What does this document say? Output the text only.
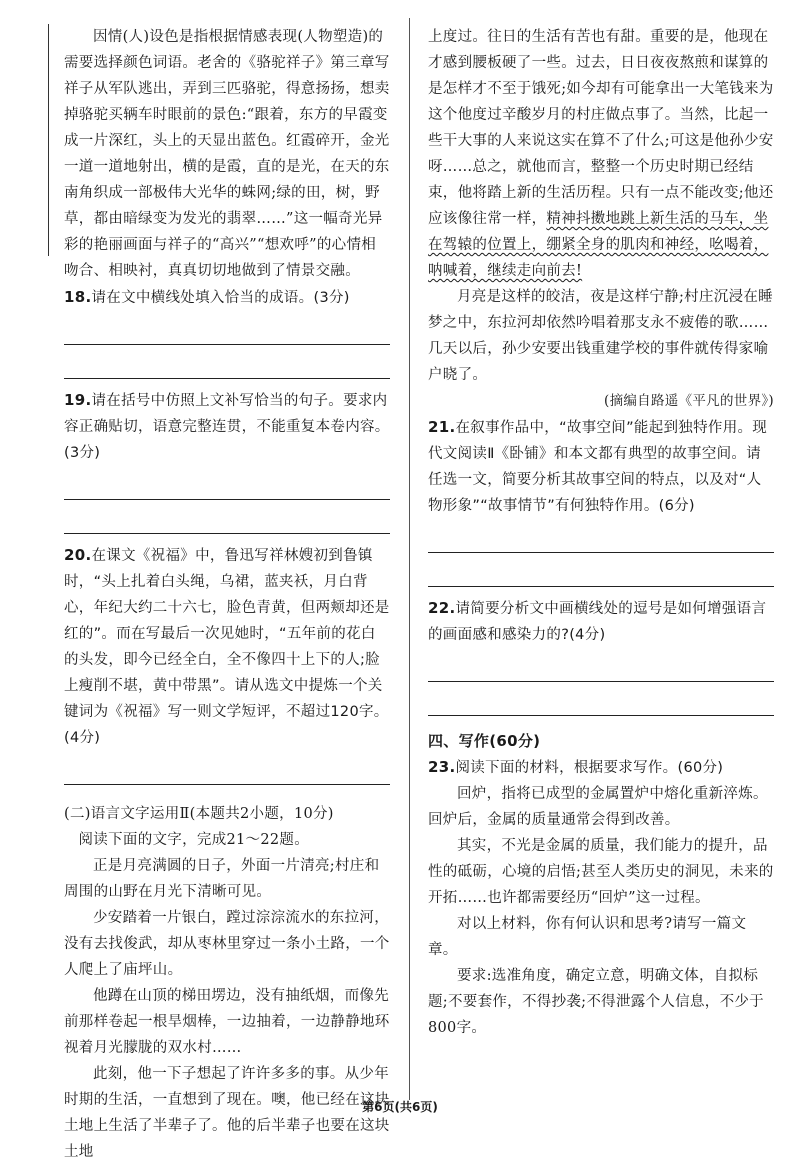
因情(人)设色是指根据情感表现(人物塑造)的需要选择颜色词语。老舍的《骆驼祥子》第三章写祥子从军队逃出，弄到三匹骆驼，得意扬扬，想卖掉骆驼买辆车时眼前的景色:“跟着，东方的早霞变成一片深红，头上的天显出蓝色。红霞碎开，金光一道一道地射出，横的是霞，直的是光，在天的东南角织成一部极伟大光华的蛛网;绿的田，树，野草，都由暗绿变为发光的翡翠……”这一幅奇光异彩的艳丽画面与祥子的“高兴”“想欢呼”的心情相吻合、相映衬，真真切切地做到了情景交融。

18.请在文中横线处填入恰当的成语。(3分)
19.请在括号中仿照上文补写恰当的句子。要求内容正确贴切，语意完整连贯，不能重复本卷内容。(3分)
20.在课文《祝福》中，鲁迅写祥林嫂初到鲁镇时，“头上扎着白头绳，乌裙，蓝夹袄，月白背心，年纪大约二十六七，脸色青黄，但两颊却还是红的”。而在写最后一次见她时，“五年前的花白的头发，即今已经全白，全不像四十上下的人;脸上瘦削不堪，黄中带黑”。请从选文中提炼一个关键词为《祝福》写一则文学短评，不超过120字。(4分)

(二)语言文字运用Ⅱ(本题共2小题，10分)

阅读下面的文字，完成21～22题。

正是月亮满圆的日子，外面一片清亮;村庄和周围的山野在月光下清晰可见。

少安踏着一片银白，蹚过淙淙流水的东拉河，没有去找俊武，却从枣林里穿过一条小土路，一个人爬上了庙坪山。

他蹲在山顶的梯田塄边，没有抽纸烟，而像先前那样卷起一根旱烟棒，一边抽着，一边静静地环视着月光朦胧的双水村……

此刻，他一下子想起了许许多多的事。从少年时期的生活，一直想到了现在。噢，他已经在这块土地上生活了半辈子了。他的后半辈子也要在这块土地

上度过。往日的生活有苦也有甜。重要的是，他现在才感到腰板硬了一些。过去，日日夜夜熬煎和谋算的是怎样才不至于饿死;如今却有可能拿出一大笔钱来为这个他度过辛酸岁月的村庄做点事了。当然，比起一些干大事的人来说这实在算不了什么;可这是他孙少安呀……总之，就他而言，整整一个历史时期已经结束，他将踏上新的生活历程。只有一点不能改变;他还应该像往常一样，精神抖擞地跳上新生活的马车，坐在驾辕的位置上，绷紧全身的肌肉和神经，吆喝着，呐喊着，继续走向前去!

月亮是这样的皎洁，夜是这样宁静;村庄沉浸在睡梦之中，东拉河却依然吟唱着那支永不疲倦的歌……几天以后，孙少安要出钱重建学校的事件就传得家喻户晓了。

(摘编自路遥《平凡的世界》)

21.在叙事作品中，“故事空间”能起到独特作用。现代文阅读Ⅱ《卧铺》和本文都有典型的故事空间。请任选一文，简要分析其故事空间的特点，以及对“人物形象”“故事情节”有何独特作用。(6分)
22.请简要分析文中画横线处的逗号是如何增强语言的画面感和感染力的?(4分)

四、写作(60分)

23.阅读下面的材料，根据要求写作。(60分)

回炉，指将已成型的金属置炉中熔化重新淬炼。回炉后，金属的质量通常会得到改善。

其实，不光是金属的质量，我们能力的提升，品性的砥砺，心境的启悟;甚至人类历史的洞见，未来的开拓……也许都需要经历“回炉”这一过程。

对以上材料，你有何认识和思考?请写一篇文章。

要求:选准角度，确定立意，明确文体，自拟标题;不要套作，不得抄袭;不得泄露个人信息，不少于800字。

第6页(共6页)
